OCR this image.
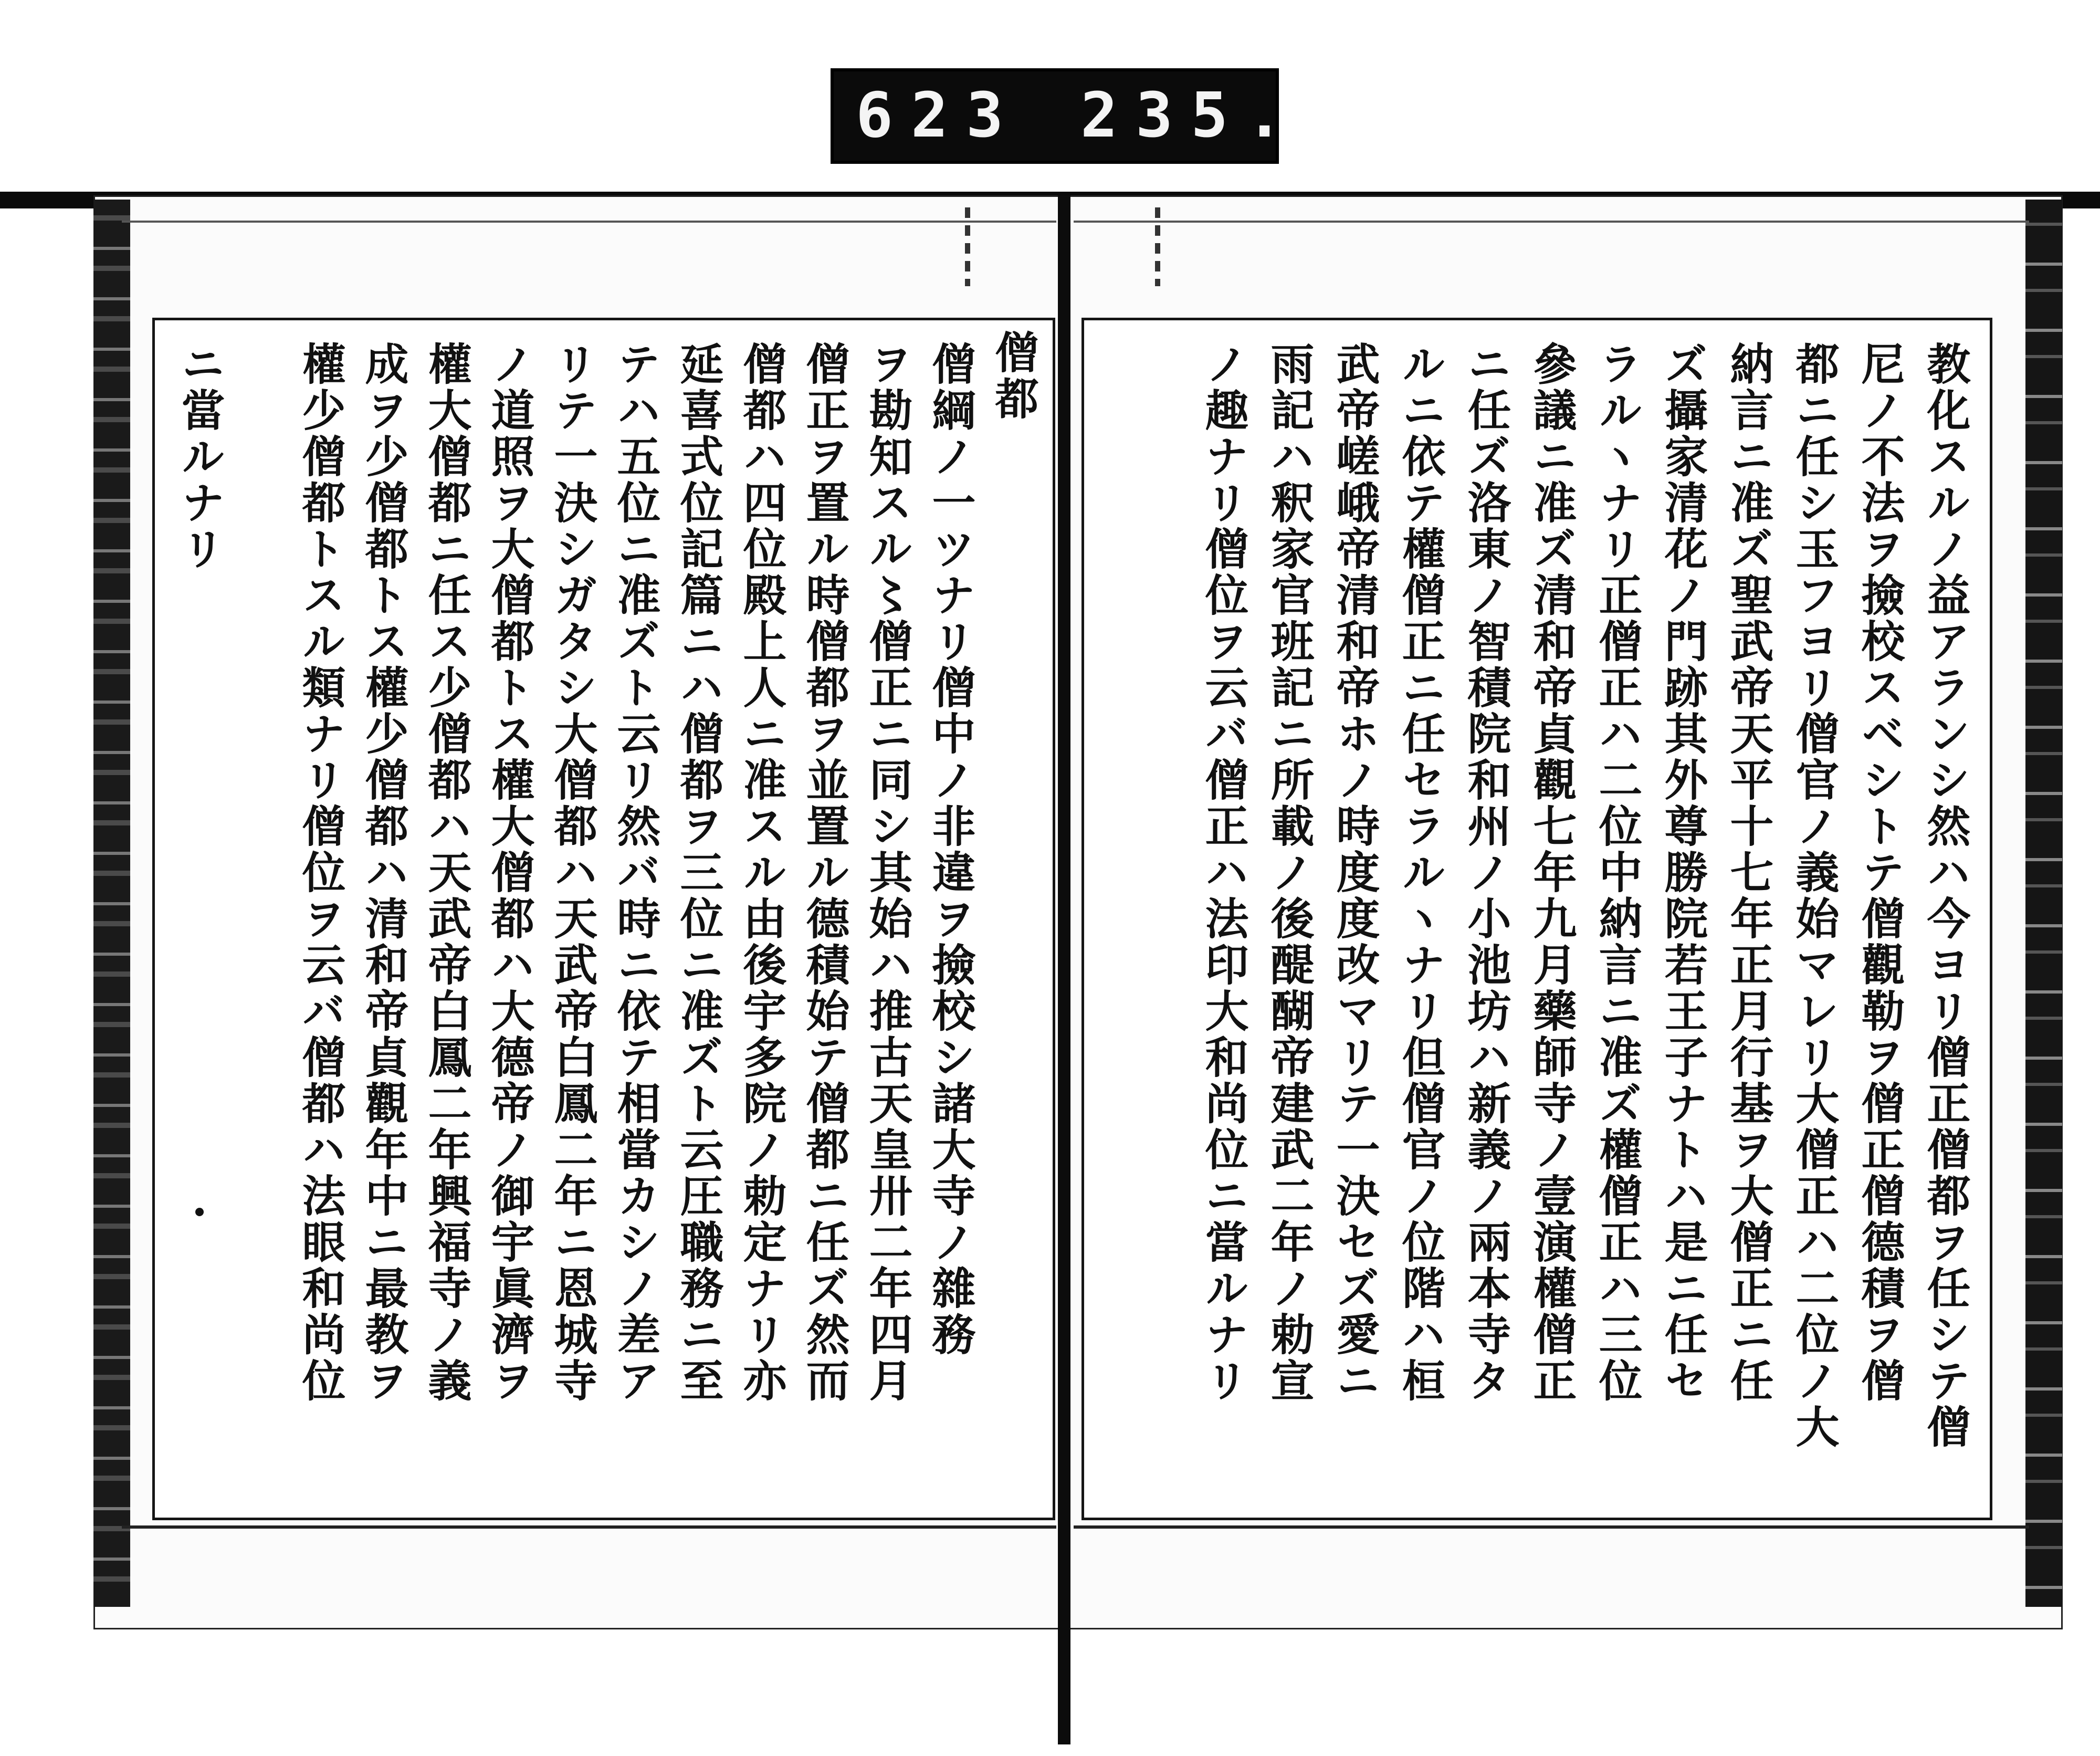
623 235.
教化スルノ益アランシ然ハ今ヨリ僧正僧都ヲ任シテ僧
尼ノ不法ヲ撿校スベシトテ僧觀勒ヲ僧正僧德積ヲ僧
都ニ任シ玉フヨリ僧官ノ義始マレリ大僧正ハ二位ノ大
納言ニ准ズ聖武帝天平十七年正月行基ヲ大僧正ニ任
ズ攝家清花ノ門跡其外尊勝院若王子ナトハ是ニ任セ
ラルヽナリ正僧正ハ二位中納言ニ准ズ權僧正ハ三位
參議ニ准ズ清和帝貞觀七年九月藥師寺ノ壹演權僧正
ニ任ズ洛東ノ智積院和州ノ小池坊ハ新義ノ兩本寺タ
ルニ依テ權僧正ニ任セラルヽナリ但僧官ノ位階ハ桓
武帝嵯峨帝清和帝ホノ時度度改マリテ一決セズ愛ニ
雨記ハ釈家官班記ニ所載ノ後醍醐帝建武二年ノ勅宣
ノ趣ナリ僧位ヲ云バ僧正ハ法印大和尚位ニ當ルナリ
僧都
僧綱ノ一ツナリ僧中ノ非違ヲ撿校シ諸大寺ノ雜務
ヲ勘知スル〻僧正ニ同シ其始ハ推古天皇卅二年四月
僧正ヲ置ル時僧都ヲ並置ル德積始テ僧都ニ任ズ然而
僧都ハ四位殿上人ニ准スル由後宇多院ノ勅定ナリ亦
延喜式位記篇ニハ僧都ヲ三位ニ准ズト云圧職務ニ至
テハ五位ニ准ズト云リ然バ時ニ依テ相當カシノ差ア
リテ一決シガタシ大僧都ハ天武帝白鳳二年ニ恩城寺
ノ道照ヲ大僧都トス權大僧都ハ大德帝ノ御宇眞濟ヲ
權大僧都ニ任ス少僧都ハ天武帝白鳳二年興福寺ノ義
成ヲ少僧都トス權少僧都ハ清和帝貞觀年中ニ最教ヲ
權少僧都トスル類ナリ僧位ヲ云バ僧都ハ法眼和尚位
ニ當ルナリ
